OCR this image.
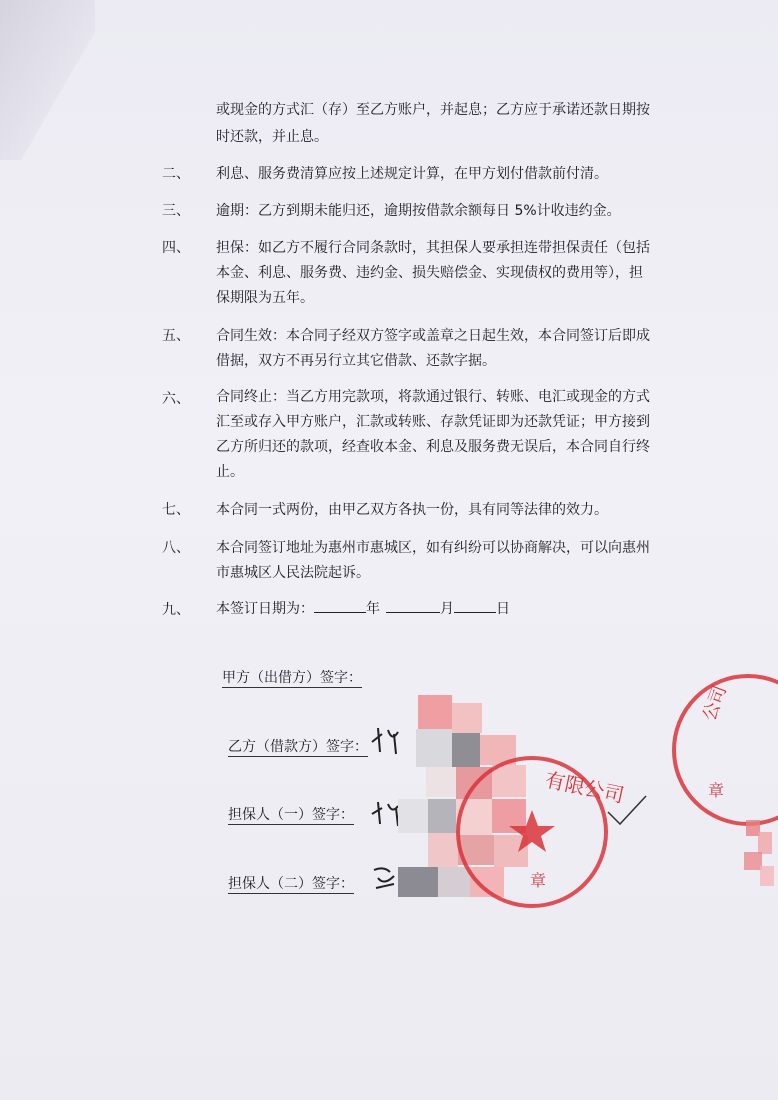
或现金的方式汇（存）至乙方账户，并起息；乙方应于承诺还款日期按
时还款，并止息。
二、 利息、服务费清算应按上述规定计算，在甲方划付借款前付清。
三、 逾期：乙方到期未能归还，逾期按借款余额每日 5%计收违约金。
四、 担保：如乙方不履行合同条款时，其担保人要承担连带担保责任（包括
本金、利息、服务费、违约金、损失赔偿金、实现债权的费用等），担
保期限为五年。
五、 合同生效：本合同子经双方签字或盖章之日起生效，本合同签订后即成
借据，双方不再另行立其它借款、还款字据。
六、 合同终止：当乙方用完款项，将款通过银行、转账、电汇或现金的方式
汇至或存入甲方账户，汇款或转账、存款凭证即为还款凭证；甲方接到
乙方所归还的款项，经查收本金、利息及服务费无误后，本合同自行终
止。
七、 本合同一式两份，由甲乙双方各执一份，具有同等法律的效力。
八、 本合同签订地址为惠州市惠城区，如有纠纷可以协商解决，可以向惠州
市惠城区人民法院起诉。
九、 本签订日期为：	年	月	日
甲方（出借方）签字：
乙方（借款方）签字：
担保人（一）签字：
担保人（二）签字：
有限公司
章
公司
章
